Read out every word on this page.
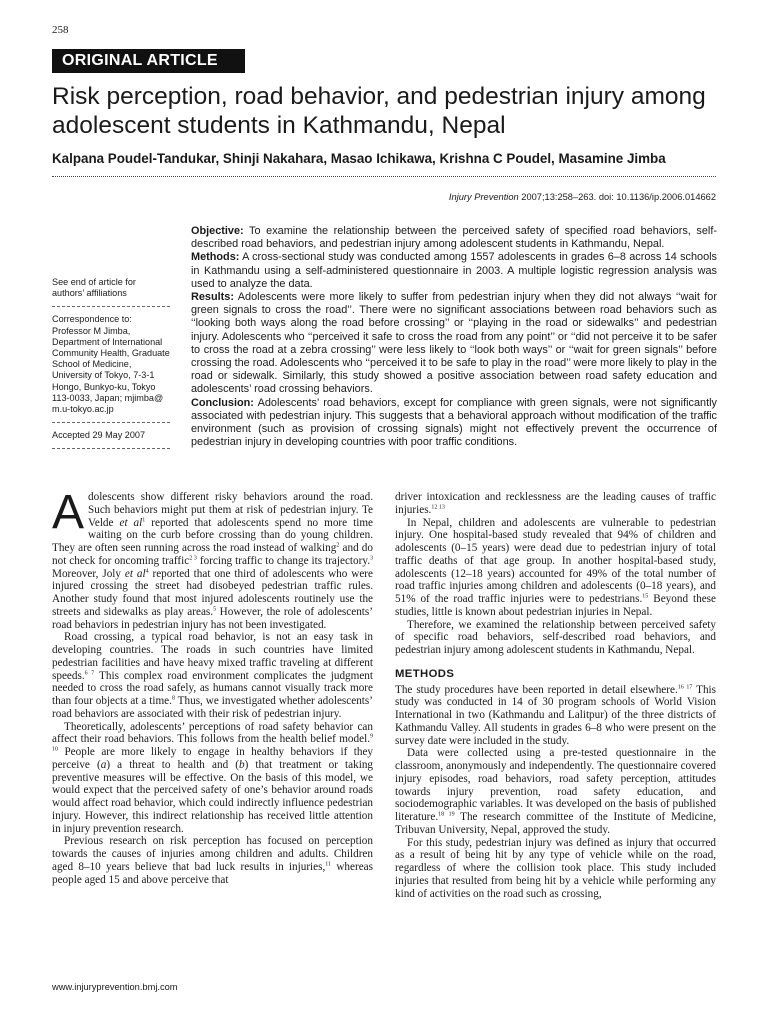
258
ORIGINAL ARTICLE
Risk perception, road behavior, and pedestrian injury among adolescent students in Kathmandu, Nepal
Kalpana Poudel-Tandukar, Shinji Nakahara, Masao Ichikawa, Krishna C Poudel, Masamine Jimba
Injury Prevention 2007;13:258–263. doi: 10.1136/ip.2006.014662

See end of article for authors’ affiliations

Correspondence to: Professor M Jimba, Department of International Community Health, Graduate School of Medicine, University of Tokyo, 7-3-1 Hongo, Bunkyo-ku, Tokyo 113-0033, Japan; mjimba@ m.u-tokyo.ac.jp

Accepted 29 May 2007

Objective: To examine the relationship between the perceived safety of specified road behaviors, self-described road behaviors, and pedestrian injury among adolescent students in Kathmandu, Nepal.

Methods: A cross-sectional study was conducted among 1557 adolescents in grades 6–8 across 14 schools in Kathmandu using a self-administered questionnaire in 2003. A multiple logistic regression analysis was used to analyze the data.

Results: Adolescents were more likely to suffer from pedestrian injury when they did not always ‘‘wait for green signals to cross the road’’. There were no significant associations between road behaviors such as ‘‘looking both ways along the road before crossing’’ or ‘‘playing in the road or sidewalks’’ and pedestrian injury. Adolescents who ‘‘perceived it safe to cross the road from any point’’ or ‘‘did not perceive it to be safer to cross the road at a zebra crossing’’ were less likely to ‘‘look both ways’’ or ‘‘wait for green signals’’ before crossing the road. Adolescents who ‘‘perceived it to be safe to play in the road’’ were more likely to play in the road or sidewalk. Similarly, this study showed a positive association between road safety education and adolescents’ road crossing behaviors.

Conclusion: Adolescents’ road behaviors, except for compliance with green signals, were not significantly associated with pedestrian injury. This suggests that a behavioral approach without modification of the traffic environment (such as provision of crossing signals) might not effectively prevent the occurrence of pedestrian injury in developing countries with poor traffic conditions.

Adolescents show different risky behaviors around the road. Such behaviors might put them at risk of pedestrian injury. Te Velde et $al^1$ reported that adolescents spend no more time waiting on the curb before crossing than do young children. They are often seen running across the road instead of walking$^2$ and do not check for oncoming traffic$^{2 3}$ forcing traffic to change its trajectory.$^3$ Moreover, Joly et $al^4$ reported that one third of adolescents who were injured crossing the street had disobeyed pedestrian traffic rules. Another study found that most injured adolescents routinely use the streets and sidewalks as play areas.$^5$ However, the role of adolescents’ road behaviors in pedestrian injury has not been investigated.

Road crossing, a typical road behavior, is not an easy task in developing countries. The roads in such countries have limited pedestrian facilities and have heavy mixed traffic traveling at different speeds.$^{6 7}$ This complex road environment complicates the judgment needed to cross the road safely, as humans cannot visually track more than four objects at a time.$^8$ Thus, we investigated whether adolescents’ road behaviors are associated with their risk of pedestrian injury.

Theoretically, adolescents’ perceptions of road safety behavior can affect their road behaviors. This follows from the health belief model.$^{9 10}$ People are more likely to engage in healthy behaviors if they perceive (a) a threat to health and (b) that treatment or taking preventive measures will be effective. On the basis of this model, we would expect that the perceived safety of one’s behavior around roads would affect road behavior, which could indirectly influence pedestrian injury. However, this indirect relationship has received little attention in injury prevention research.

Previous research on risk perception has focused on perception towards the causes of injuries among children and adults. Children aged 8–10 years believe that bad luck results in injuries,$^{11}$ whereas people aged 15 and above perceive that

driver intoxication and recklessness are the leading causes of traffic injuries.$^{12 13}$

In Nepal, children and adolescents are vulnerable to pedestrian injury. One hospital-based study revealed that 94% of children and adolescents (0–15 years) were dead due to pedestrian injury of total traffic deaths of that age group. In another hospital-based study, adolescents (12–18 years) accounted for 49% of the total number of road traffic injuries among children and adolescents (0–18 years), and 51% of the road traffic injuries were to pedestrians.$^{15}$ Beyond these studies, little is known about pedestrian injuries in Nepal.

Therefore, we examined the relationship between perceived safety of specific road behaviors, self-described road behaviors, and pedestrian injury among adolescent students in Kathmandu, Nepal.

METHODS

The study procedures have been reported in detail elsewhere.$^{16 17}$ This study was conducted in 14 of 30 program schools of World Vision International in two (Kathmandu and Lalitpur) of the three districts of Kathmandu Valley. All students in grades 6–8 who were present on the survey date were included in the study.

Data were collected using a pre-tested questionnaire in the classroom, anonymously and independently. The questionnaire covered injury episodes, road behaviors, road safety perception, attitudes towards injury prevention, road safety education, and sociodemographic variables. It was developed on the basis of published literature.$^{18 19}$ The research committee of the Institute of Medicine, Tribuvan University, Nepal, approved the study.

For this study, pedestrian injury was defined as injury that occurred as a result of being hit by any type of vehicle while on the road, regardless of where the collision took place. This study included injuries that resulted from being hit by a vehicle while performing any kind of activities on the road such as crossing,

www.injuryprevention.bmj.com
